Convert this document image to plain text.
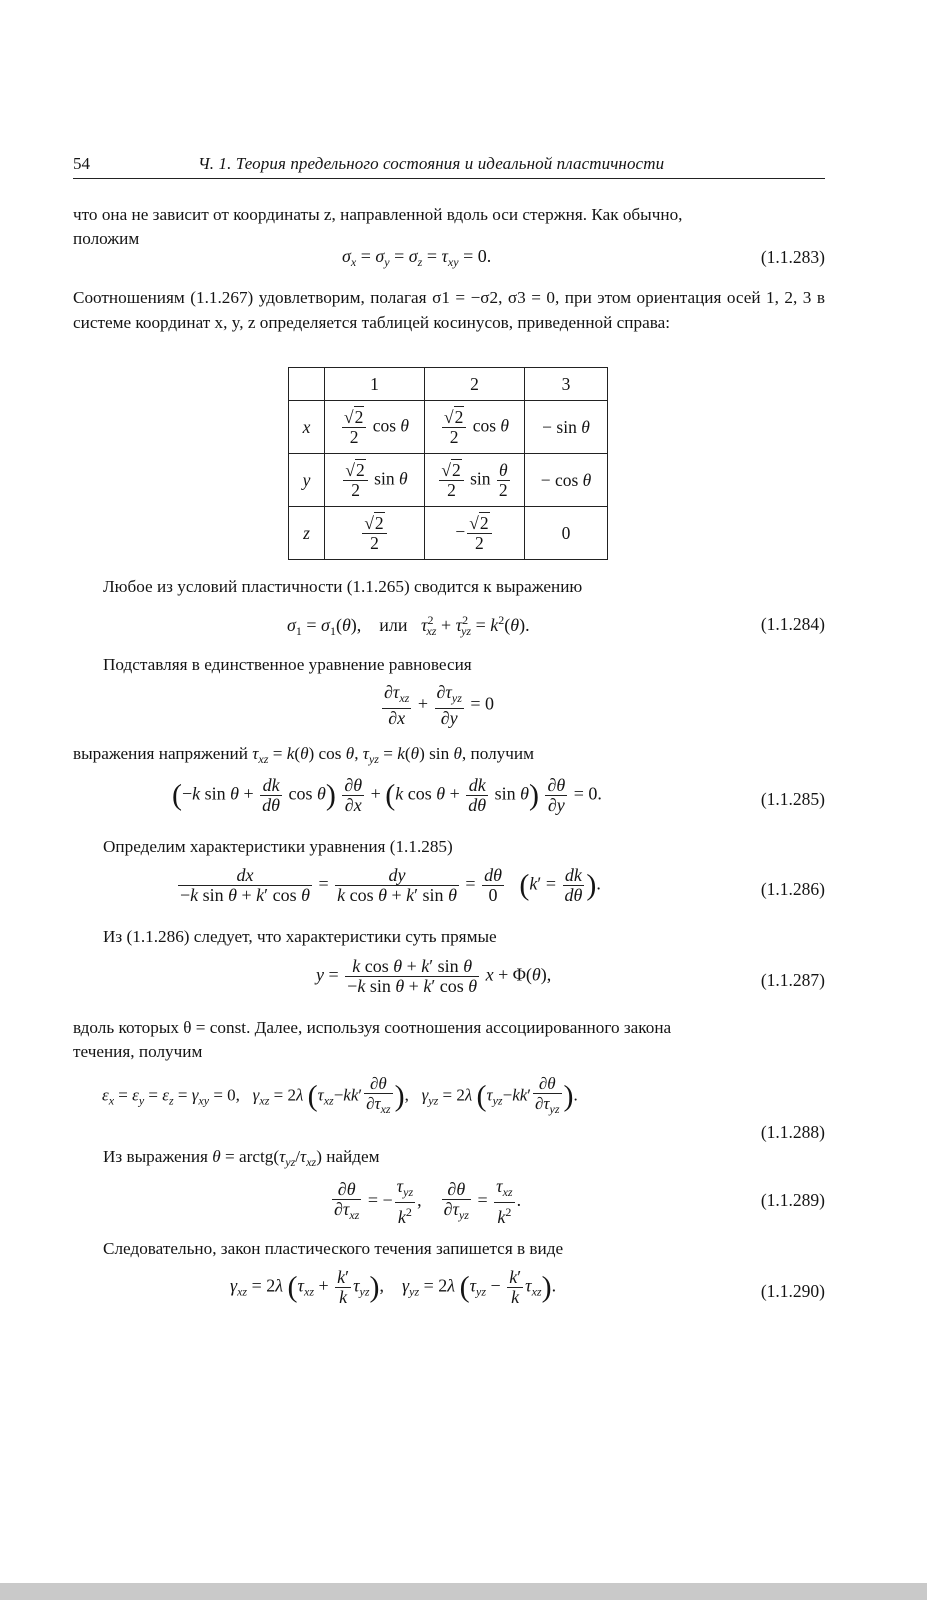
54	Ч. 1. Теория предельного состояния и идеальной пластичности
что она не зависит от координаты z, направленной вдоль оси стержня. Как обычно,
положим
$\sigma_x = \sigma_y = \sigma_z = \tau_{xy} = 0$.	(1.1.283)
Соотношениям (1.1.267) удовлетворим, полагая σ1 = −σ2, σ3 = 0, при этом ориентация осей 1, 2, 3 в системе координат x, y, z определяется таблицей косинусов, приведенной справа:
	1	2	3
x	$\frac{√2}{2}$ cos θ	$\frac{√2}{2}$ cos θ	− sin θ
y	$\frac{√2}{2}$ sin θ	$\frac{√2}{2}$ $\sin \frac{\theta}{2}$	− cos θ
z	$\frac{√2}{2}$	− $\frac{√2}{2}$	0
Любое из условий пластичности (1.1.265) сводится к выражению
$\sigma_1 = \sigma_1(\theta)$,    или $\tau^2_{xz} + \tau^2_{yz} = k^2(\theta)$.	(1.1.284)
Подставляя в единственное уравнение равновесия
$\frac{\partial\tau_{xz}}{\partial x} + \frac{\partial\tau_{yz}}{\partial y} = 0$
выражения напряжений $\tau_{xz} = k(\theta)$ cos θ, $\tau_{yz} = k(\theta)$ sin θ, получим
(−k $\sin \theta + \frac{dk}{d\theta}$ $\cos \theta) \frac{\partial\theta}{\partial x} + (k$ $\cos \theta + \frac{dk}{d\theta}$ $\sin \theta) \frac{\partial\theta}{\partial y} = 0$.	(1.1.285)
Определим характеристики уравнения (1.1.285)
$\frac{dx}{\text{−k sin θ + k′ cos θ}} = \frac{dy}{\text{k cos θ + k′ sin θ}} = \frac{d\theta}{0} (k' = \frac{dk}{d\theta}$ ).	(1.1.286)
Из (1.1.286) следует, что характеристики суть прямые
$y = \frac{\text{k cos θ + k′ sin θ}}{\text{−k sin θ + k′ cos θ}}$ x + Φ(θ),	(1.1.287)
вдоль которых θ = const. Далее, используя соотношения ассоциированного закона
течения, получим
$\varepsilon_x = \varepsilon_y = \varepsilon_z = \gamma_{xy} = 0$,   $\gamma_{xz} = 2\lambda$ ($\tau_{xz}-kk' \frac{\partial\theta}{\partial\tau_{xz}}$ ),   $\gamma_{yz} = 2\lambda$ ($\tau_{yz}-kk' \frac{\partial\theta}{\partial\tau_{yz}}$ ).
(1.1.288)
Из выражения $\theta = arctg(\tau_{yz}/\tau_{xz})$ найдем
$\frac{\partial\theta}{\partial\tau_{xz}}$ = − $\frac{\tau_{yz}}{k^2}$ , $\frac{\partial\theta}{\partial\tau_{yz}} = \frac{\tau_{xz}}{k^2}$ .	(1.1.289)
Следовательно, закон пластического течения запишется в виде
$\gamma_{xz} = 2\lambda$ $(\tau_{xz} + \frac{k'}{k} \tau_{yz})$,    $\gamma_{yz} = 2\lambda$ $(\tau_{yz} - \frac{k'}{k} \tau_{xz})$.	(1.1.290)
